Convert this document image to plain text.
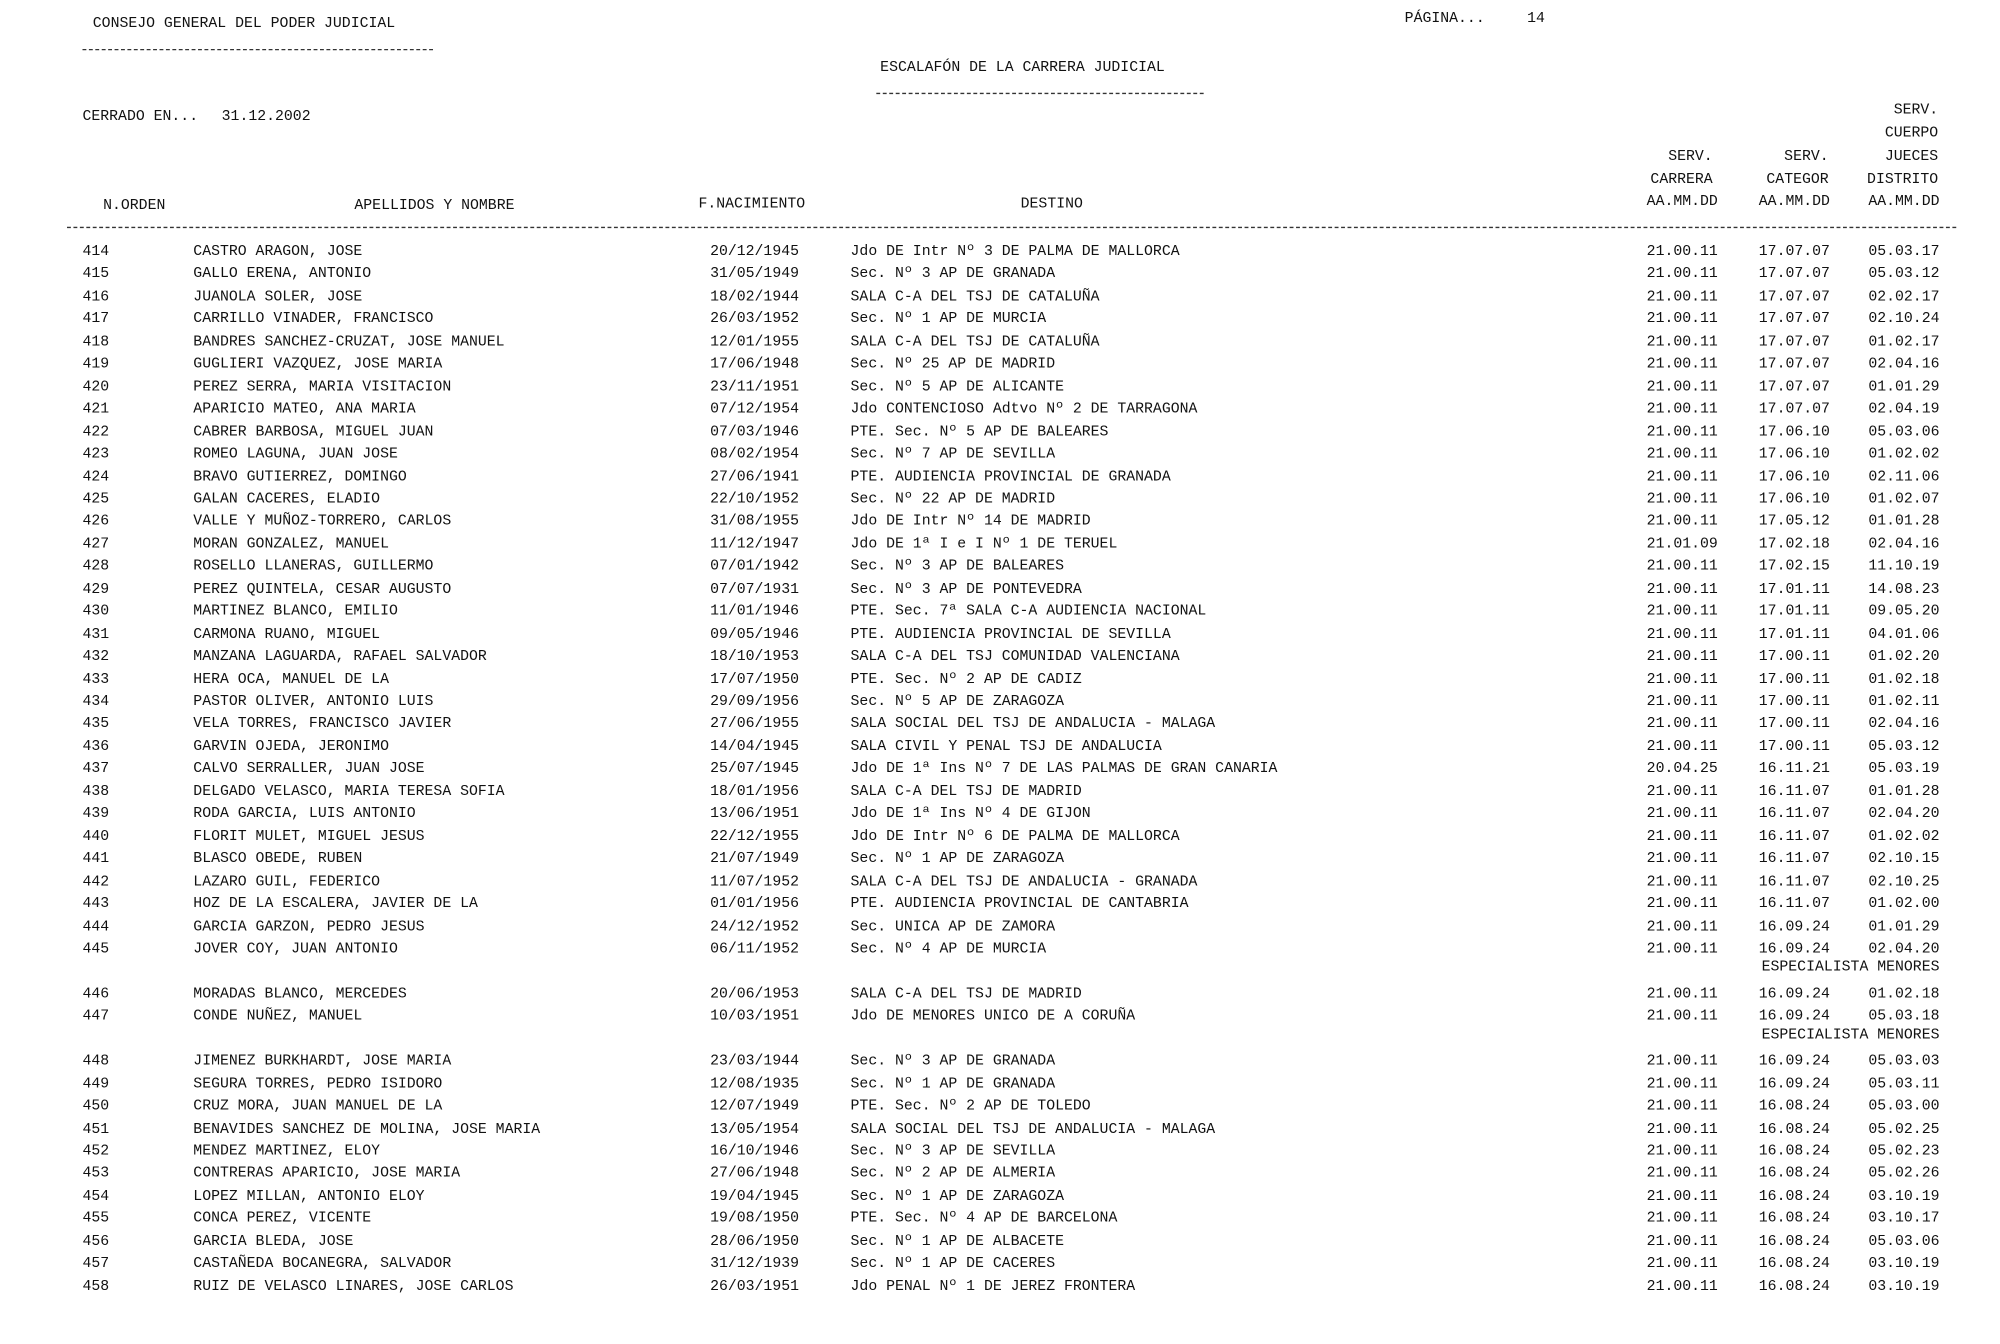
CONSEJO GENERAL DEL PODER JUDICIAL	PÁGINA...	14
ESCALAFÓN DE LA CARRERA JUDICIAL
CERRADO EN... 31.12.2002
N.ORDEN	APELLIDOS Y NOMBRE	F.NACIMIENTO	DESTINO
SERV.
CARRERA
AA.MM.DD
SERV.
CATEGOR
AA.MM.DD
SERV.
CUERPO
JUECES
DISTRITO
AA.MM.DD
414	CASTRO ARAGON, JOSE	20/12/1945	Jdo DE Intr Nº 3 DE PALMA DE MALLORCA	21.00.11	17.07.07	05.03.17
415	GALLO ERENA, ANTONIO	31/05/1949	Sec. Nº 3 AP DE GRANADA	21.00.11	17.07.07	05.03.12
416	JUANOLA SOLER, JOSE	18/02/1944	SALA C-A DEL TSJ DE CATALUÑA	21.00.11	17.07.07	02.02.17
417	CARRILLO VINADER, FRANCISCO	26/03/1952	Sec. Nº 1 AP DE MURCIA	21.00.11	17.07.07	02.10.24
418	BANDRES SANCHEZ-CRUZAT, JOSE MANUEL	12/01/1955	SALA C-A DEL TSJ DE CATALUÑA	21.00.11	17.07.07	01.02.17
419	GUGLIERI VAZQUEZ, JOSE MARIA	17/06/1948	Sec. Nº 25 AP DE MADRID	21.00.11	17.07.07	02.04.16
420	PEREZ SERRA, MARIA VISITACION	23/11/1951	Sec. Nº 5 AP DE ALICANTE	21.00.11	17.07.07	01.01.29
421	APARICIO MATEO, ANA MARIA	07/12/1954	Jdo CONTENCIOSO Adtvo Nº 2 DE TARRAGONA	21.00.11	17.07.07	02.04.19
422	CABRER BARBOSA, MIGUEL JUAN	07/03/1946	PTE. Sec. Nº 5 AP DE BALEARES	21.00.11	17.06.10	05.03.06
423	ROMEO LAGUNA, JUAN JOSE	08/02/1954	Sec. Nº 7 AP DE SEVILLA	21.00.11	17.06.10	01.02.02
424	BRAVO GUTIERREZ, DOMINGO	27/06/1941	PTE. AUDIENCIA PROVINCIAL DE GRANADA	21.00.11	17.06.10	02.11.06
425	GALAN CACERES, ELADIO	22/10/1952	Sec. Nº 22 AP DE MADRID	21.00.11	17.06.10	01.02.07
426	VALLE Y MUÑOZ-TORRERO, CARLOS	31/08/1955	Jdo DE Intr Nº 14 DE MADRID	21.00.11	17.05.12	01.01.28
427	MORAN GONZALEZ, MANUEL	11/12/1947	Jdo DE 1ª I e I Nº 1 DE TERUEL	21.01.09	17.02.18	02.04.16
428	ROSELLO LLANERAS, GUILLERMO	07/01/1942	Sec. Nº 3 AP DE BALEARES	21.00.11	17.02.15	11.10.19
429	PEREZ QUINTELA, CESAR AUGUSTO	07/07/1931	Sec. Nº 3 AP DE PONTEVEDRA	21.00.11	17.01.11	14.08.23
430	MARTINEZ BLANCO, EMILIO	11/01/1946	PTE. Sec. 7ª SALA C-A AUDIENCIA NACIONAL	21.00.11	17.01.11	09.05.20
431	CARMONA RUANO, MIGUEL	09/05/1946	PTE. AUDIENCIA PROVINCIAL DE SEVILLA	21.00.11	17.01.11	04.01.06
432	MANZANA LAGUARDA, RAFAEL SALVADOR	18/10/1953	SALA C-A DEL TSJ COMUNIDAD VALENCIANA	21.00.11	17.00.11	01.02.20
433	HERA OCA, MANUEL DE LA	17/07/1950	PTE. Sec. Nº 2 AP DE CADIZ	21.00.11	17.00.11	01.02.18
434	PASTOR OLIVER, ANTONIO LUIS	29/09/1956	Sec. Nº 5 AP DE ZARAGOZA	21.00.11	17.00.11	01.02.11
435	VELA TORRES, FRANCISCO JAVIER	27/06/1955	SALA SOCIAL DEL TSJ DE ANDALUCIA - MALAGA	21.00.11	17.00.11	02.04.16
436	GARVIN OJEDA, JERONIMO	14/04/1945	SALA CIVIL Y PENAL TSJ DE ANDALUCIA	21.00.11	17.00.11	05.03.12
437	CALVO SERRALLER, JUAN JOSE	25/07/1945	Jdo DE 1ª Ins Nº 7 DE LAS PALMAS DE GRAN CANARIA	20.04.25	16.11.21	05.03.19
438	DELGADO VELASCO, MARIA TERESA SOFIA	18/01/1956	SALA C-A DEL TSJ DE MADRID	21.00.11	16.11.07	01.01.28
439	RODA GARCIA, LUIS ANTONIO	13/06/1951	Jdo DE 1ª Ins Nº 4 DE GIJON	21.00.11	16.11.07	02.04.20
440	FLORIT MULET, MIGUEL JESUS	22/12/1955	Jdo DE Intr Nº 6 DE PALMA DE MALLORCA	21.00.11	16.11.07	01.02.02
441	BLASCO OBEDE, RUBEN	21/07/1949	Sec. Nº 1 AP DE ZARAGOZA	21.00.11	16.11.07	02.10.15
442	LAZARO GUIL, FEDERICO	11/07/1952	SALA C-A DEL TSJ DE ANDALUCIA - GRANADA	21.00.11	16.11.07	02.10.25
443	HOZ DE LA ESCALERA, JAVIER DE LA	01/01/1956	PTE. AUDIENCIA PROVINCIAL DE CANTABRIA	21.00.11	16.11.07	01.02.00
444	GARCIA GARZON, PEDRO JESUS	24/12/1952	Sec. UNICA AP DE ZAMORA	21.00.11	16.09.24	01.01.29
445	JOVER COY, JUAN ANTONIO	06/11/1952	Sec. Nº 4 AP DE MURCIA	21.00.11	16.09.24	02.04.20
ESPECIALISTA MENORES
446	MORADAS BLANCO, MERCEDES	20/06/1953	SALA C-A DEL TSJ DE MADRID	21.00.11	16.09.24	01.02.18
447	CONDE NUÑEZ, MANUEL	10/03/1951	Jdo DE MENORES UNICO DE A CORUÑA	21.00.11	16.09.24	05.03.18
ESPECIALISTA MENORES
448	JIMENEZ BURKHARDT, JOSE MARIA	23/03/1944	Sec. Nº 3 AP DE GRANADA	21.00.11	16.09.24	05.03.03
449	SEGURA TORRES, PEDRO ISIDORO	12/08/1935	Sec. Nº 1 AP DE GRANADA	21.00.11	16.09.24	05.03.11
450	CRUZ MORA, JUAN MANUEL DE LA	12/07/1949	PTE. Sec. Nº 2 AP DE TOLEDO	21.00.11	16.08.24	05.03.00
451	BENAVIDES SANCHEZ DE MOLINA, JOSE MARIA	13/05/1954	SALA SOCIAL DEL TSJ DE ANDALUCIA - MALAGA	21.00.11	16.08.24	05.02.25
452	MENDEZ MARTINEZ, ELOY	16/10/1946	Sec. Nº 3 AP DE SEVILLA	21.00.11	16.08.24	05.02.23
453	CONTRERAS APARICIO, JOSE MARIA	27/06/1948	Sec. Nº 2 AP DE ALMERIA	21.00.11	16.08.24	05.02.26
454	LOPEZ MILLAN, ANTONIO ELOY	19/04/1945	Sec. Nº 1 AP DE ZARAGOZA	21.00.11	16.08.24	03.10.19
455	CONCA PEREZ, VICENTE	19/08/1950	PTE. Sec. Nº 4 AP DE BARCELONA	21.00.11	16.08.24	03.10.17
456	GARCIA BLEDA, JOSE	28/06/1950	Sec. Nº 1 AP DE ALBACETE	21.00.11	16.08.24	05.03.06
457	CASTAÑEDA BOCANEGRA, SALVADOR	31/12/1939	Sec. Nº 1 AP DE CACERES	21.00.11	16.08.24	03.10.19
458	RUIZ DE VELASCO LINARES, JOSE CARLOS	26/03/1951	Jdo PENAL Nº 1 DE JEREZ FRONTERA	21.00.11	16.08.24	03.10.19
